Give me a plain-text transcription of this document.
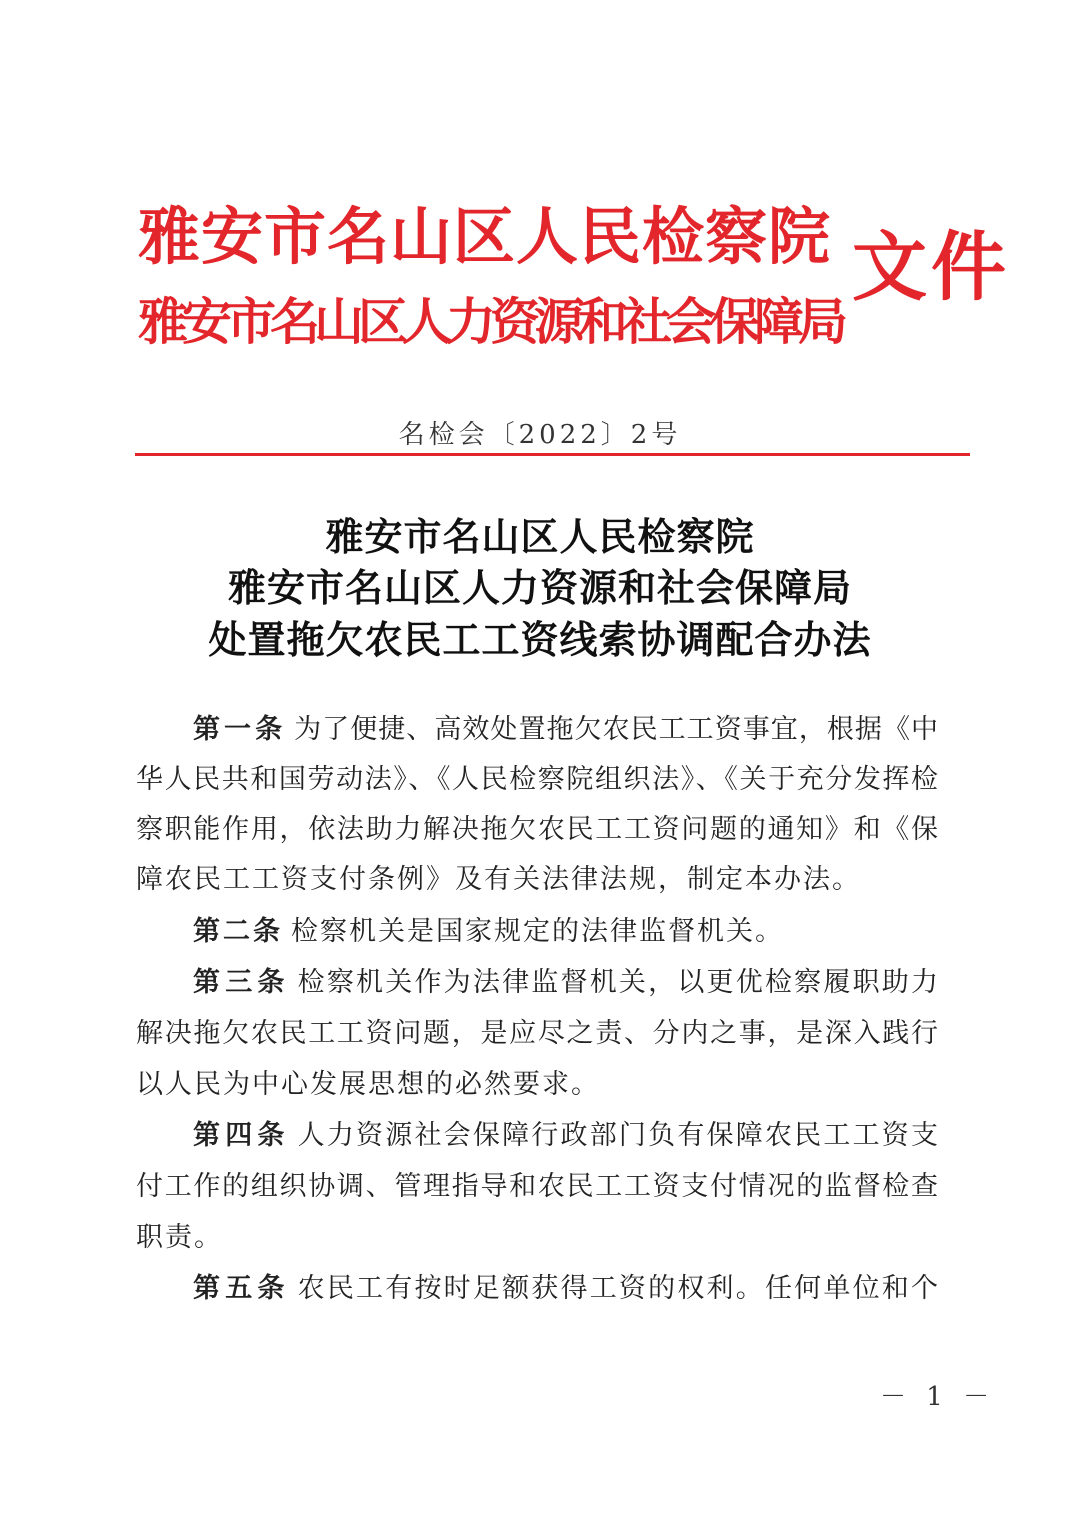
雅安市名山区人民检察院
雅安市名山区人力资源和社会保障局
文件
名检会〔2022〕2号
雅安市名山区人民检察院
雅安市名山区人力资源和社会保障局
处置拖欠农民工工资线索协调配合办法
第一条 为了便捷、高效处置拖欠农民工工资事宜，根据《中
华人民共和国劳动法》、《人民检察院组织法》、《关于充分发挥检
察职能作用，依法助力解决拖欠农民工工资问题的通知》和《保
障农民工工资支付条例》及有关法律法规，制定本办法。
第二条 检察机关是国家规定的法律监督机关。
第三条 检察机关作为法律监督机关，以更优检察履职助力
解决拖欠农民工工资问题，是应尽之责、分内之事，是深入践行
以人民为中心发展思想的必然要求。
第四条 人力资源社会保障行政部门负有保障农民工工资支
付工作的组织协调、管理指导和农民工工资支付情况的监督检查
职责。
第五条 农民工有按时足额获得工资的权利。任何单位和个
－ 1 －
